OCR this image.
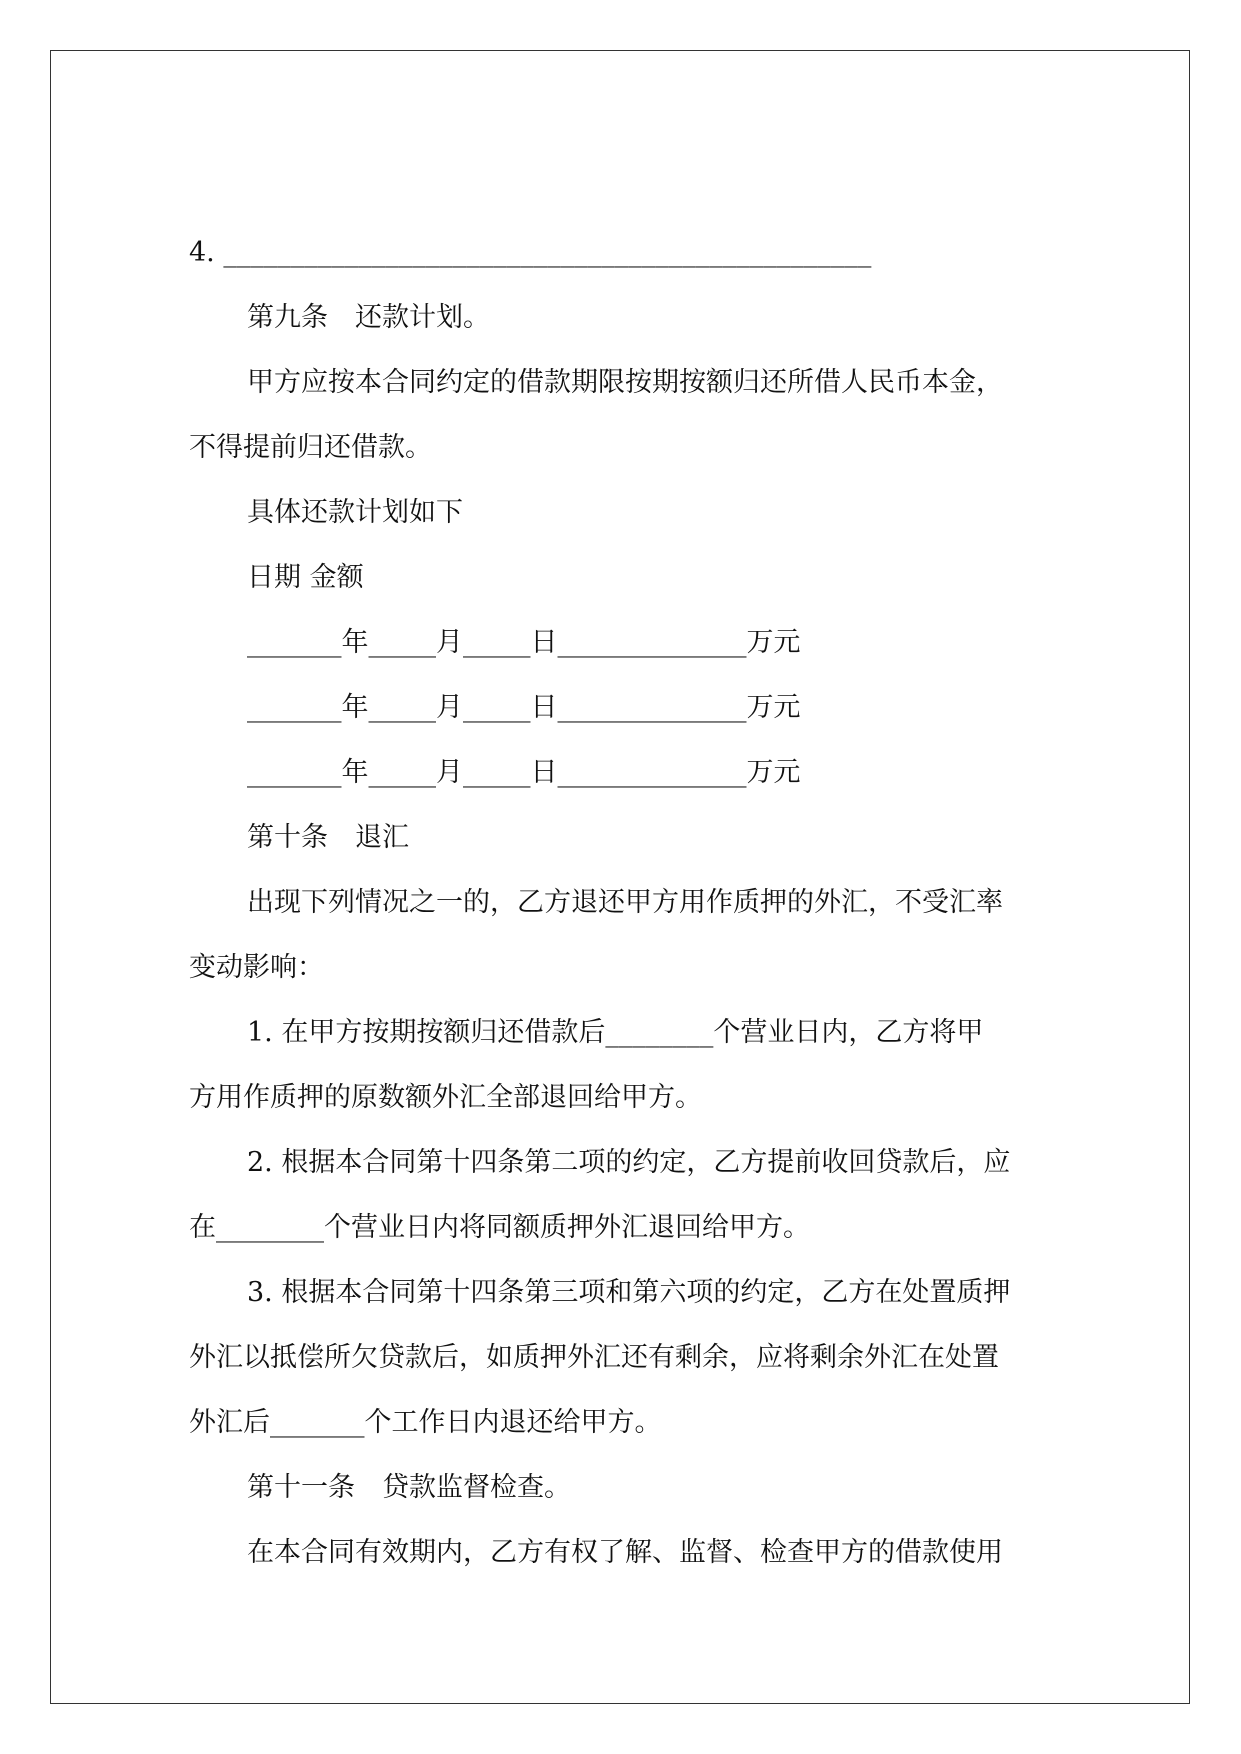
4. ________________________________________________

第九条　还款计划。

甲方应按本合同约定的借款期限按期按额归还所借人民币本金，

不得提前归还借款。

具体还款计划如下

日期 金额

_______年_____月_____日______________万元

_______年_____月_____日______________万元

_______年_____月_____日______________万元

第十条　退汇

出现下列情况之一的，乙方退还甲方用作质押的外汇，不受汇率

变动影响：

1. 在甲方按期按额归还借款后________个营业日内，乙方将甲

方用作质押的原数额外汇全部退回给甲方。

2. 根据本合同第十四条第二项的约定，乙方提前收回贷款后，应

在________个营业日内将同额质押外汇退回给甲方。

3. 根据本合同第十四条第三项和第六项的约定，乙方在处置质押

外汇以抵偿所欠贷款后，如质押外汇还有剩余，应将剩余外汇在处置

外汇后_______个工作日内退还给甲方。

第十一条　贷款监督检查。

在本合同有效期内，乙方有权了解、监督、检查甲方的借款使用
